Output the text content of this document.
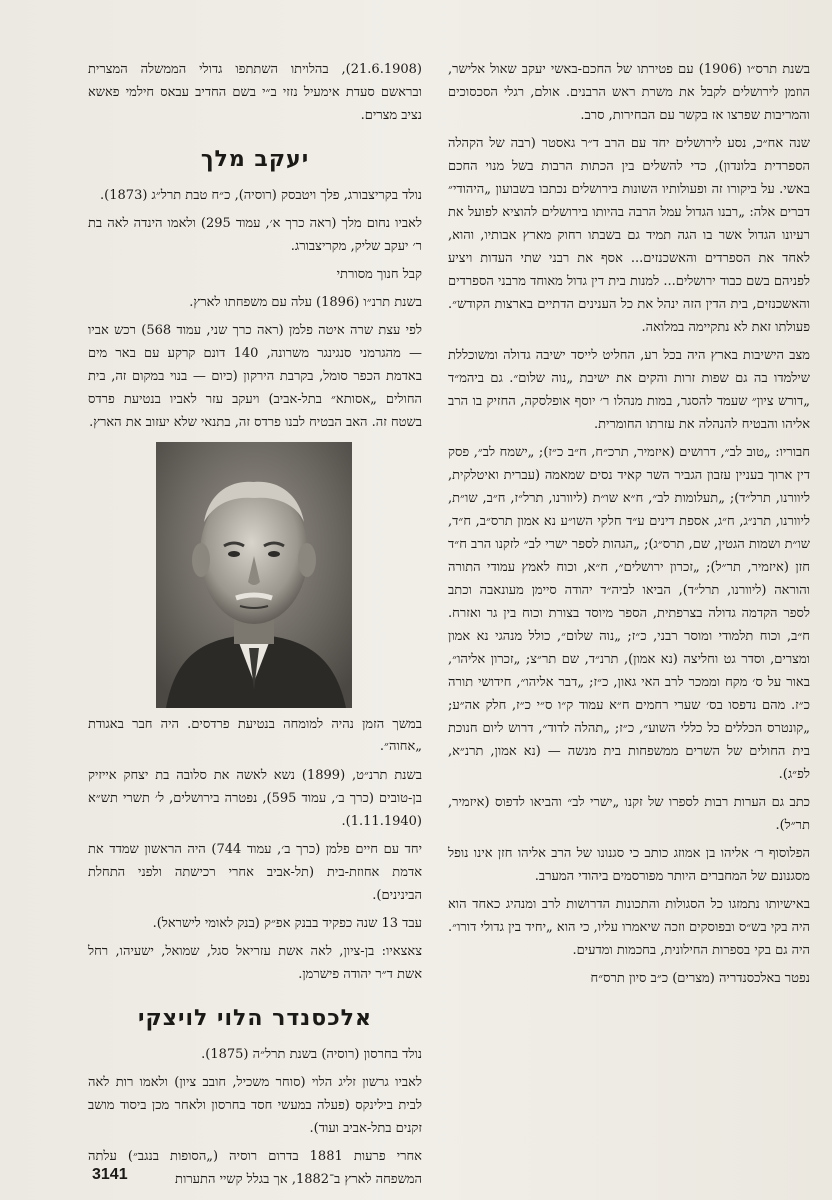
בשנת תרס״ו (1906) עם פטירתו של החכם-באשי יעקב שאול אלישר, הוזמן לירושלים לקבל את משרת ראש הרבנים. אולם, רגלי הסכסוכים והמריבות שפרצו אז בקשר עם הבחירות, סרב.

שנה אח״כ, נסע לירושלים יחד עם הרב ד״ר גאסטר (רבה של הקהלה הספרדית בלונדון), כדי להשלים בין הכתות הרבות בשל מנוי החכם באשי. על ביקורו זה ופעולותיו השונות בירושלים נכתבו בשבועון „היהודי״ דברים אלה: „רבנו הגדול עמל הרבה בהיותו בירושלים להוציא לפועל את רעיונו הגדול אשר בו הגה תמיד גם בשבתו רחוק מארץ אבותיו, והוא, לאחד את הספרדים והאשכנזים... אסף את רבני שתי העדות ויציע לפניהם בשם כבוד ירושלים... למנות בית דין גדול מאוחד מרבני הספרדים והאשכנזים, בית הדין הזה ינהל את כל הענינים הדתיים בארצות הקודש״. פעולתו זאת לא נתקיימה במלואה.

מצב הישיבות בארץ היה בכל רע, החליט לייסד ישיבה גדולה ומשוכללת שילמדו בה גם שפות זרות והקים את ישיבת „נוה שלום״. גם ביהמ״ד „דורש ציון״ שעמד להסגר, במות מנהלו ר׳ יוסף אופלסקה, החזיק בו הרב אליהו והבטיח להנהלה את עזרתו החומרית.

חבוריו: „טוב לב״, דרושים (איזמיר, תרכ״ח, ח״ב כ״ז); „ישמח לב״, פסק דין ארוך בעניין עזבון הגביר השר קאיד נסים שמאמה (עברית ואיטלקית, ליוורנו, תרל״ד); „תעלומות לב״, ח״א שו״ת (ליוורנו, תרל״ז, ח״ב, שו״ת, ליוורנו, תרנ״ג, ח״ג, אספת דינים ע״ד חלקי השו״ע נא אמון תרס״ב, ח״ד, שו״ת ושמות הגטין, שם, תרס״ג); „הגהות לספר ישרי לב״ לזקנו הרב ח״ד חזן (איזמיר, תר״ל); „זכרון ירושלים״, ח״א, וכוח לאמץ עמודי התורה והוראה (ליוורנו, תרל״ד), הביאו לביה״ד יהודה סיימן מעונאבה וכתב לספר הקדמה גדולה בצרפתית, הספר מיוסד בצורת וכוח בין גר ואזרח. ח״ב, וכוח תלמודי ומוסר רבני, כ״ז; „נוה שלום״, כולל מנהגי נא אמון ומצרים, וסדר גט וחליצה (נא אמון), תרנ״ד, שם תר״צ; „זכרון אליהו״, באור על ס׳ מקח וממכר לרב האי גאון, כ״ז; „דבר אליהו״, חידושי תורה כ״ז. מהם נדפסו בס׳ שערי רחמים ח״א עמוד ק״ו ס״י כ״ז, חלק אה״ע; „קונטרס הכללים כל כללי השוע״, כ״ז; „תהלה לדוד״, דרוש ליום חנוכת בית החולים של השרים ממשפחות בית מנשה — (נא אמון, תרנ״א, לפ״ג).

כתב גם הערות רבות לספרו של זקנו „ישרי לב״ והביאו לדפוס (איזמיר, תר״ל).

הפלוסוף ר׳ אליהו בן אמוזג כותב כי סגנונו של הרב אליהו חזן אינו נופל מסגנונם של המחברים היותר מפורסמים ביהודי המערב.

באישיותו נתמזגו כל הסגולות והתכונות הדרושות לרב ומנהיג כאחד הוא היה בקי בש״ס ובפוסקים וזכה שיאמרו עליו, כי הוא „יחיד בין גדולי דורו״. היה גם בקי בספרות החילונית, בחכמות ומדעים.

נפטר באלכסנדריה (מצרים) כ״ב סיון תרס״ח

(21.6.1908), בהלויתו השתתפו גדולי הממשלה המצרית ובראשם סעדת אימעיל נזזי ב״י בשם החדיב עבאס חילמי פאשא נציב מצרים.

יעקב מלך

נולד בקריצבורג, פלך ויטבסק (רוסיה), כ״ח טבת תרל״ג (1873).

לאביו נחום מלך (ראה כרך א׳, עמוד 295) ולאמו הינדה לאה בת ר׳ יעקב שליק, מקריצבורג.

קבל חנוך מסורתי

בשנת תרנ״ו (1896) עלה עם משפחתו לארץ.

לפי עצת שרה איטה פלמן (ראה כרך שני, עמוד 568) רכש אביו — מהגרמני סנגינגר משרונה, 140 דונם קרקע עם באר מים באדמת הכפר סומל, בקרבת הירקון (כיום — בנוי במקום זה, בית החולים „אסותא״ בתל-אביב) ויעקב עזר לאביו בנטיעת פרדס בשטח זה. האב הבטיח לבנו פרדס זה, בתנאי שלא יעזוב את הארץ.

במשך הזמן נהיה למומחה בנטיעת פרדסים. היה חבר באגודת „אחוה״.

בשנת תרנ״ט, (1899) נשא לאשה את סלובה בת יצחק אייזיק בן-טובים (כרך ב׳, עמוד 595), נפטרה בירושלים, ל׳ תשרי תש״א (1.11.1940).

יחד עם חיים פלמן (כרך ב׳, עמוד 744) היה הראשון שמדד את אדמת אחוזת-בית (תל-אביב אחרי רכישתה ולפני התחלת הבינינים).

עבד 13 שנה כפקיד בבנק אפ״ק (בנק לאומי לישראל).

צאצאיו: בן-ציון, לאה אשת עזריאל סגל, שמואל, ישעיהו, רחל אשת ד״ר יהודה פישרמן.

אלכסנדר הלוי לויצקי

נולד בחרסון (רוסיה) בשנת תרל״ה (1875).

לאביו גרשון זליג הלוי (סוחר משכיל, חובב ציון) ולאמו רות לאה לבית בילינקס (פעלה במעשי חסד בחרסון ולאחר מכן ביסוד מושב זקנים בתל-אביב ועוד).

אחרי פרעות 1881 בדרום רוסיה („הסופות בנגב״) עלתה המשפחה לארץ ב־1882, אך בגלל קשיי התערות

3141
